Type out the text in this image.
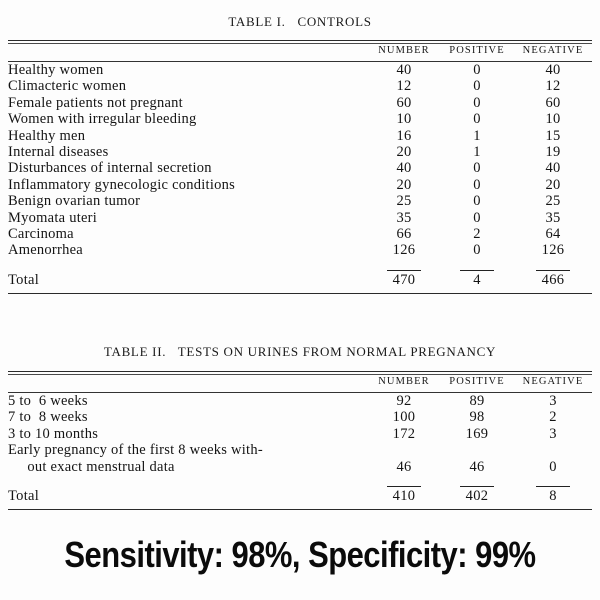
TABLE I.   CONTROLS
	NUMBER	POSITIVE	NEGATIVE

Healthy women	40	0	40
Climacteric women	12	0	12
Female patients not pregnant	60	0	60
Women with irregular bleeding	10	0	10
Healthy men	16	1	15
Internal diseases	20	1	19
Disturbances of internal secretion	40	0	40
Inflammatory gynecologic conditions	20	0	20
Benign ovarian tumor	25	0	25
Myomata uteri	35	0	35
Carcinoma	66	2	64
Amenorrhea	126	0	126

Total	470	4	466
TABLE II.   TESTS ON URINES FROM NORMAL PREGNANCY
	NUMBER	POSITIVE	NEGATIVE

5 to  6 weeks	92	89	3
7 to  8 weeks	100	98	2
3 to 10 months	172	169	3
Early pregnancy of the first 8 weeks with-
out exact menstrual data	46	46	0

Total	410	402	8
Sensitivity: 98%, Specificity: 99%
